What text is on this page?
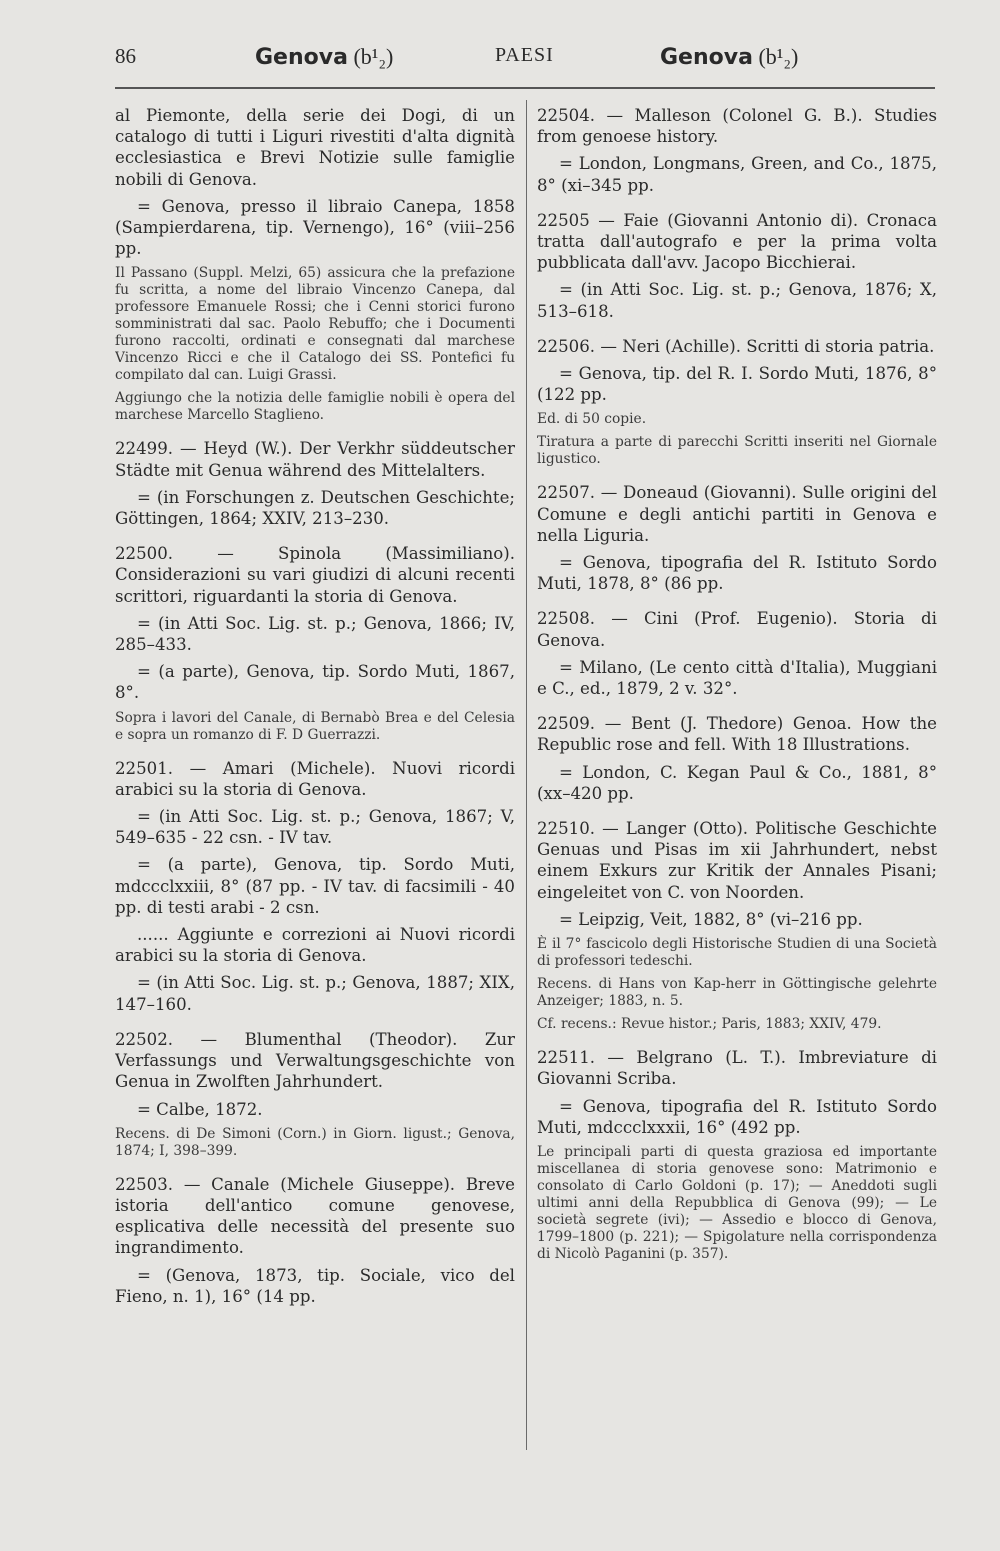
86	Genova (b¹₂)	PAESI	Genova (b¹₂)

al Piemonte, della serie dei Dogi, di un catalogo di tutti i Liguri rivestiti d'alta dignità ecclesiastica e Brevi Notizie sulle famiglie nobili di Genova.

= Genova, presso il libraio Canepa, 1858 (Sampierdarena, tip. Vernengo), 16° (viii–256 pp.

Il Passano (Suppl. Melzi, 65) assicura che la prefazione fu scritta, a nome del libraio Vincenzo Canepa, dal professore Emanuele Rossi; che i Cenni storici furono somministrati dal sac. Paolo Rebuffo; che i Documenti furono raccolti, ordinati e consegnati dal marchese Vincenzo Ricci e che il Catalogo dei SS. Pontefici fu compilato dal can. Luigi Grassi.

Aggiungo che la notizia delle famiglie nobili è opera del marchese Marcello Staglieno.

22499. — Heyd (W.). Der Verkhr süddeutscher Städte mit Genua während des Mittelalters.

= (in Forschungen z. Deutschen Geschichte; Göttingen, 1864; XXIV, 213–230.

22500. — Spinola (Massimiliano). Considerazioni su vari giudizi di alcuni recenti scrittori, riguardanti la storia di Genova.

= (in Atti Soc. Lig. st. p.; Genova, 1866; IV, 285–433.

= (a parte), Genova, tip. Sordo Muti, 1867, 8°.

Sopra i lavori del Canale, di Bernabò Brea e del Celesia e sopra un romanzo di F. D Guerrazzi.

22501. — Amari (Michele). Nuovi ricordi arabici su la storia di Genova.

= (in Atti Soc. Lig. st. p.; Genova, 1867; V, 549–635 - 22 csn. - IV tav.

= (a parte), Genova, tip. Sordo Muti, mdccclxxiii, 8° (87 pp. - IV tav. di facsimili - 40 pp. di testi arabi - 2 csn.

...... Aggiunte e correzioni ai Nuovi ricordi arabici su la storia di Genova.

= (in Atti Soc. Lig. st. p.; Genova, 1887; XIX, 147–160.

22502. — Blumenthal (Theodor). Zur Verfassungs und Verwaltungsgeschichte von Genua in Zwolften Jahrhundert.

= Calbe, 1872.

Recens. di De Simoni (Corn.) in Giorn. ligust.; Genova, 1874; I, 398–399.

22503. — Canale (Michele Giuseppe). Breve istoria dell'antico comune genovese, esplicativa delle necessità del presente suo ingrandimento.

= (Genova, 1873, tip. Sociale, vico del Fieno, n. 1), 16° (14 pp.

22504. — Malleson (Colonel G. B.). Studies from genoese history.

= London, Longmans, Green, and Co., 1875, 8° (xi–345 pp.

22505 — Faie (Giovanni Antonio di). Cronaca tratta dall'autografo e per la prima volta pubblicata dall'avv. Jacopo Bicchierai.

= (in Atti Soc. Lig. st. p.; Genova, 1876; X, 513–618.

22506. — Neri (Achille). Scritti di storia patria.

= Genova, tip. del R. I. Sordo Muti, 1876, 8° (122 pp.

Ed. di 50 copie.

Tiratura a parte di parecchi Scritti inseriti nel Giornale ligustico.

22507. — Doneaud (Giovanni). Sulle origini del Comune e degli antichi partiti in Genova e nella Liguria.

= Genova, tipografia del R. Istituto Sordo Muti, 1878, 8° (86 pp.

22508. — Cini (Prof. Eugenio). Storia di Genova.

= Milano, (Le cento città d'Italia), Muggiani e C., ed., 1879, 2 v. 32°.

22509. — Bent (J. Thedore) Genoa. How the Republic rose and fell. With 18 Illustrations.

= London, C. Kegan Paul & Co., 1881, 8° (xx–420 pp.

22510. — Langer (Otto). Politische Geschichte Genuas und Pisas im xii Jahrhundert, nebst einem Exkurs zur Kritik der Annales Pisani; eingeleitet von C. von Noorden.

= Leipzig, Veit, 1882, 8° (vi–216 pp.

È il 7° fascicolo degli Historische Studien di una Società di professori tedeschi.

Recens. di Hans von Kap-herr in Göttingische gelehrte Anzeiger; 1883, n. 5.

Cf. recens.: Revue histor.; Paris, 1883; XXIV, 479.

22511. — Belgrano (L. T.). Imbreviature di Giovanni Scriba.

= Genova, tipografia del R. Istituto Sordo Muti, mdccclxxxii, 16° (492 pp.

Le principali parti di questa graziosa ed importante miscellanea di storia genovese sono: Matrimonio e consolato di Carlo Goldoni (p. 17); — Aneddoti sugli ultimi anni della Repubblica di Genova (99); — Le società segrete (ivi); — Assedio e blocco di Genova, 1799–1800 (p. 221); — Spigolature nella corrispondenza di Nicolò Paganini (p. 357).
